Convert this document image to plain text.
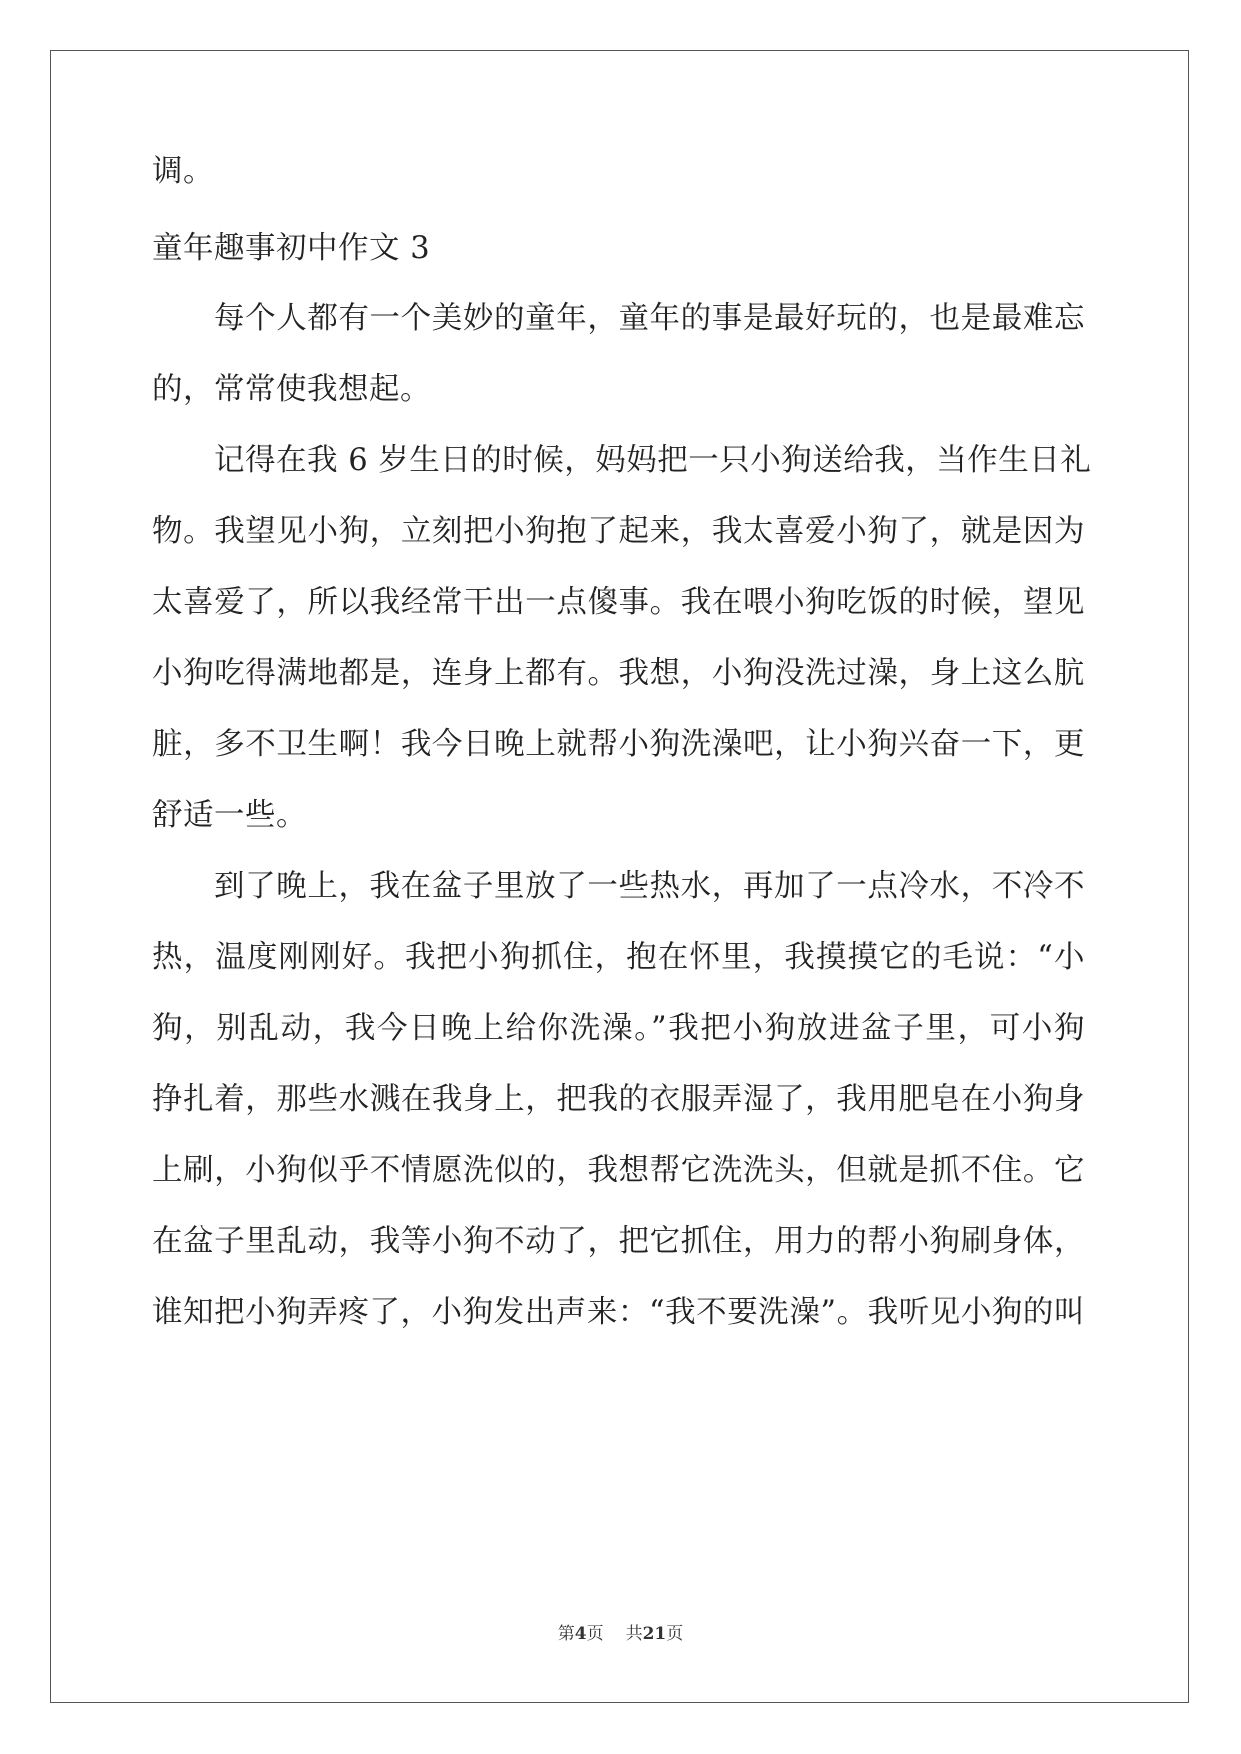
调。

童年趣事初中作文 3

每个人都有一个美妙的童年，童年的事是最好玩的，也是最难忘

的，常常使我想起。

记得在我 6 岁生日的时候，妈妈把一只小狗送给我，当作生日礼

物。我望见小狗，立刻把小狗抱了起来，我太喜爱小狗了，就是因为

太喜爱了，所以我经常干出一点傻事。我在喂小狗吃饭的时候，望见

小狗吃得满地都是，连身上都有。我想，小狗没洗过澡，身上这么肮

脏，多不卫生啊！我今日晚上就帮小狗洗澡吧，让小狗兴奋一下，更

舒适一些。

到了晚上，我在盆子里放了一些热水，再加了一点冷水，不冷不

热，温度刚刚好。我把小狗抓住，抱在怀里，我摸摸它的毛说：“小

狗，别乱动，我今日晚上给你洗澡。”我把小狗放进盆子里，可小狗

挣扎着，那些水溅在我身上，把我的衣服弄湿了，我用肥皂在小狗身

上刷，小狗似乎不情愿洗似的，我想帮它洗洗头，但就是抓不住。它

在盆子里乱动，我等小狗不动了，把它抓住，用力的帮小狗刷身体，

谁知把小狗弄疼了，小狗发出声来：“我不要洗澡”。我听见小狗的叫

第4页 共21页
